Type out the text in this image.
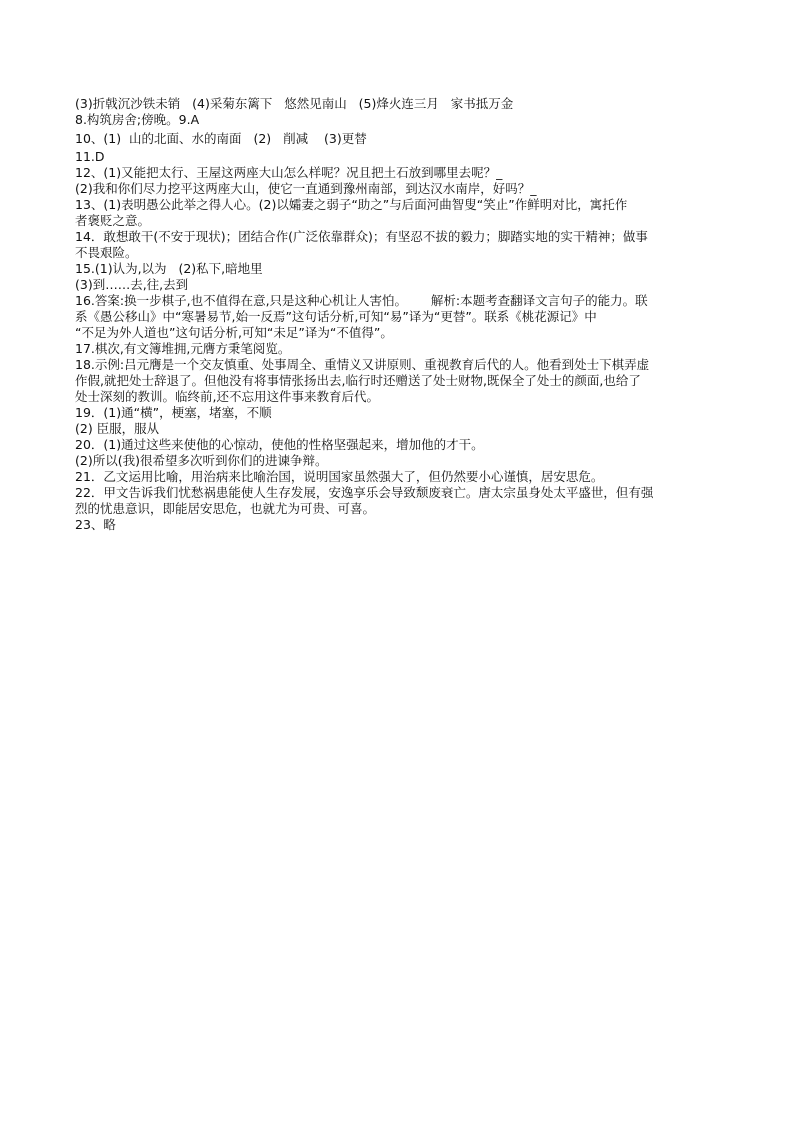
(3)折戟沉沙铁未销   (4)采菊东篱下   悠然见南山   (5)烽火连三月   家书抵万金
8.构筑房舍;傍晚。9.A
10、(1)  山的北面、水的南面   (2)   削减    (3)更替
11.D
12、(1)又能把太行、王屋这两座大山怎么样呢？况且把土石放到哪里去呢？_
(2)我和你们尽力挖平这两座大山，使它一直通到豫州南部，到达汉水南岸，好吗？_
13、(1)表明愚公此举之得人心。(2)以孀妻之弱子“助之”与后面河曲智叟“笑止”作鲜明对比，寓托作
者褒贬之意。
14．敢想敢干(不安于现状)；团结合作(广泛依靠群众)；有坚忍不拔的毅力；脚踏实地的实干精神；做事
不畏艰险。
15.(1)认为,以为   (2)私下,暗地里
(3)到……去,往,去到
16.答案:换一步棋子,也不值得在意,只是这种心机让人害怕。      解析:本题考查翻译文言句子的能力。联
系《愚公移山》中“寒暑易节,始一反焉”这句话分析,可知“易”译为“更替”。联系《桃花源记》中
“不足为外人道也”这句话分析,可知“未足”译为“不值得”。
17.棋次,有文簿堆拥,元膺方秉笔阅览。
18.示例:吕元膺是一个交友慎重、处事周全、重情义又讲原则、重视教育后代的人。他看到处士下棋弄虚
作假,就把处士辞退了。但他没有将事情张扬出去,临行时还赠送了处士财物,既保全了处士的颜面,也给了
处士深刻的教训。临终前,还不忘用这件事来教育后代。
19．(1)通“横”，梗塞，堵塞，不顺
(2) 臣服，服从
20．(1)通过这些来使他的心惊动，使他的性格坚强起来，增加他的才干。
(2)所以(我)很希望多次听到你们的进谏争辩。
21．乙文运用比喻，用治病来比喻治国，说明国家虽然强大了，但仍然要小心谨慎，居安思危。
22．甲文告诉我们忧愁祸患能使人生存发展，安逸享乐会导致颓废衰亡。唐太宗虽身处太平盛世，但有强
烈的忧患意识，即能居安思危，也就尤为可贵、可喜。
23、略
